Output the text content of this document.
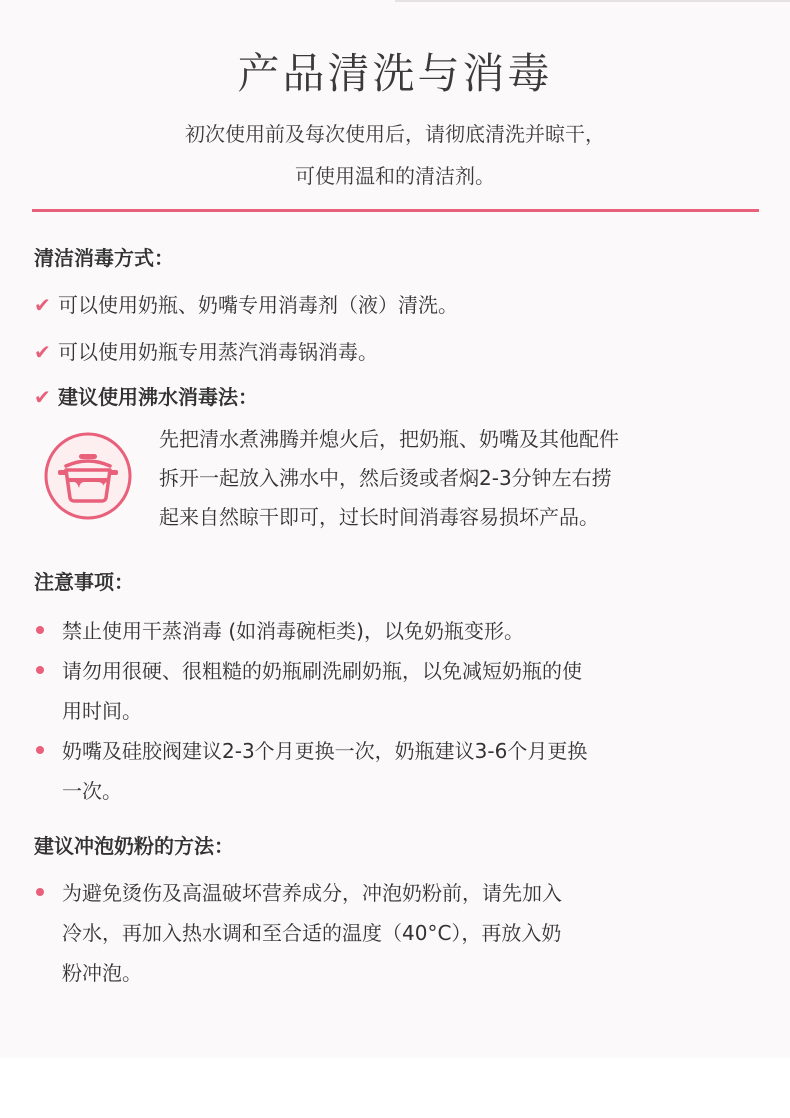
产品清洗与消毒
初次使用前及每次使用后，请彻底清洗并晾干，
可使用温和的清洁剂。
清洁消毒方式：
✔ 可以使用奶瓶、奶嘴专用消毒剂（液）清洗。
✔ 可以使用奶瓶专用蒸汽消毒锅消毒。
✔ 建议使用沸水消毒法：
先把清水煮沸腾并熄火后，把奶瓶、奶嘴及其他配件
拆开一起放入沸水中，然后烫或者焖2-3分钟左右捞
起来自然晾干即可，过长时间消毒容易损坏产品。
注意事项：
禁止使用干蒸消毒 (如消毒碗柜类)，以免奶瓶变形。
请勿用很硬、很粗糙的奶瓶刷洗刷奶瓶，以免减短奶瓶的使
用时间。
奶嘴及硅胶阀建议2-3个月更换一次，奶瓶建议3-6个月更换
一次。
建议冲泡奶粉的方法：
为避免烫伤及高温破坏营养成分，冲泡奶粉前，请先加入
冷水，再加入热水调和至合适的温度（40°C），再放入奶
粉冲泡。
